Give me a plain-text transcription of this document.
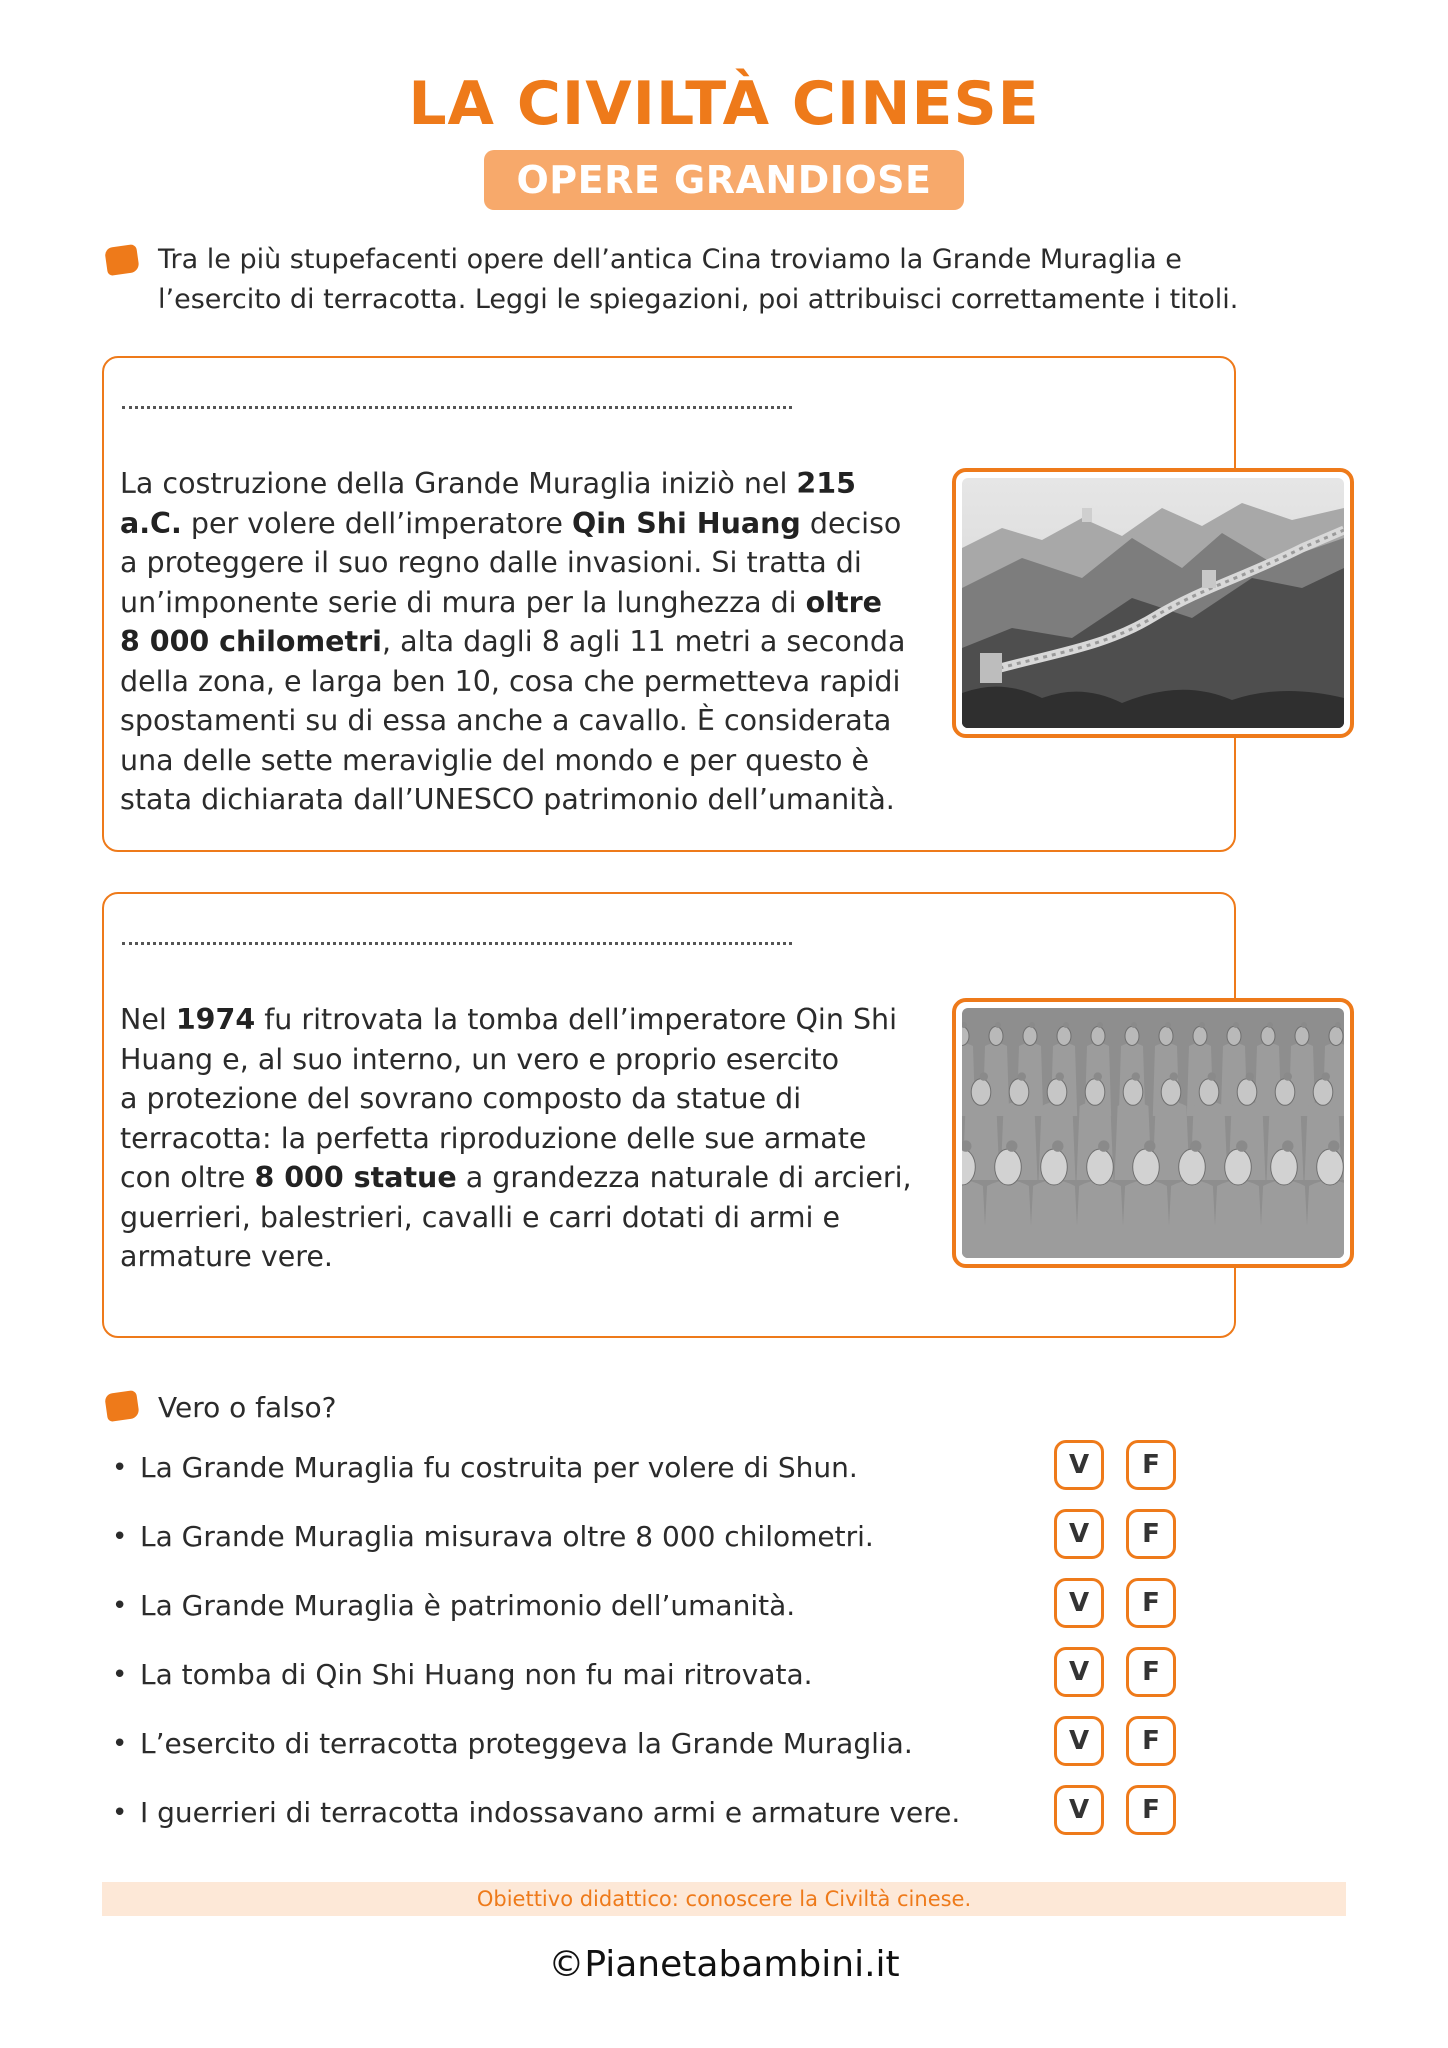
LA CIVILTÀ CINESE
OPERE GRANDIOSE
Tra le più stupefacenti opere dell’antica Cina troviamo la Grande Muraglia e
l’esercito di terracotta. Leggi le spiegazioni, poi attribuisci correttamente i titoli.
La costruzione della Grande Muraglia iniziò nel 215
a.C. per volere dell’imperatore Qin Shi Huang deciso
a proteggere il suo regno dalle invasioni. Si tratta di
un’imponente serie di mura per la lunghezza di oltre
8 000 chilometri, alta dagli 8 agli 11 metri a seconda
della zona, e larga ben 10, cosa che permetteva rapidi
spostamenti su di essa anche a cavallo. È considerata
una delle sette meraviglie del mondo e per questo è
stata dichiarata dall’UNESCO patrimonio dell’umanità.
Nel 1974 fu ritrovata la tomba dell’imperatore Qin Shi
Huang e, al suo interno, un vero e proprio esercito
a protezione del sovrano composto da statue di
terracotta: la perfetta riproduzione delle sue armate
con oltre 8 000 statue a grandezza naturale di arcieri,
guerrieri, balestrieri, cavalli e carri dotati di armi e
armature vere.
Vero o falso?
• La Grande Muraglia fu costruita per volere di Shun.	V	F
• La Grande Muraglia misurava oltre 8 000 chilometri.	V	F
• La Grande Muraglia è patrimonio dell’umanità.	V	F
• La tomba di Qin Shi Huang non fu mai ritrovata.	V	F
• L’esercito di terracotta proteggeva la Grande Muraglia.	V	F
• I guerrieri di terracotta indossavano armi e armature vere.	V	F
Obiettivo didattico: conoscere la Civiltà cinese.
©Pianetabambini.it
